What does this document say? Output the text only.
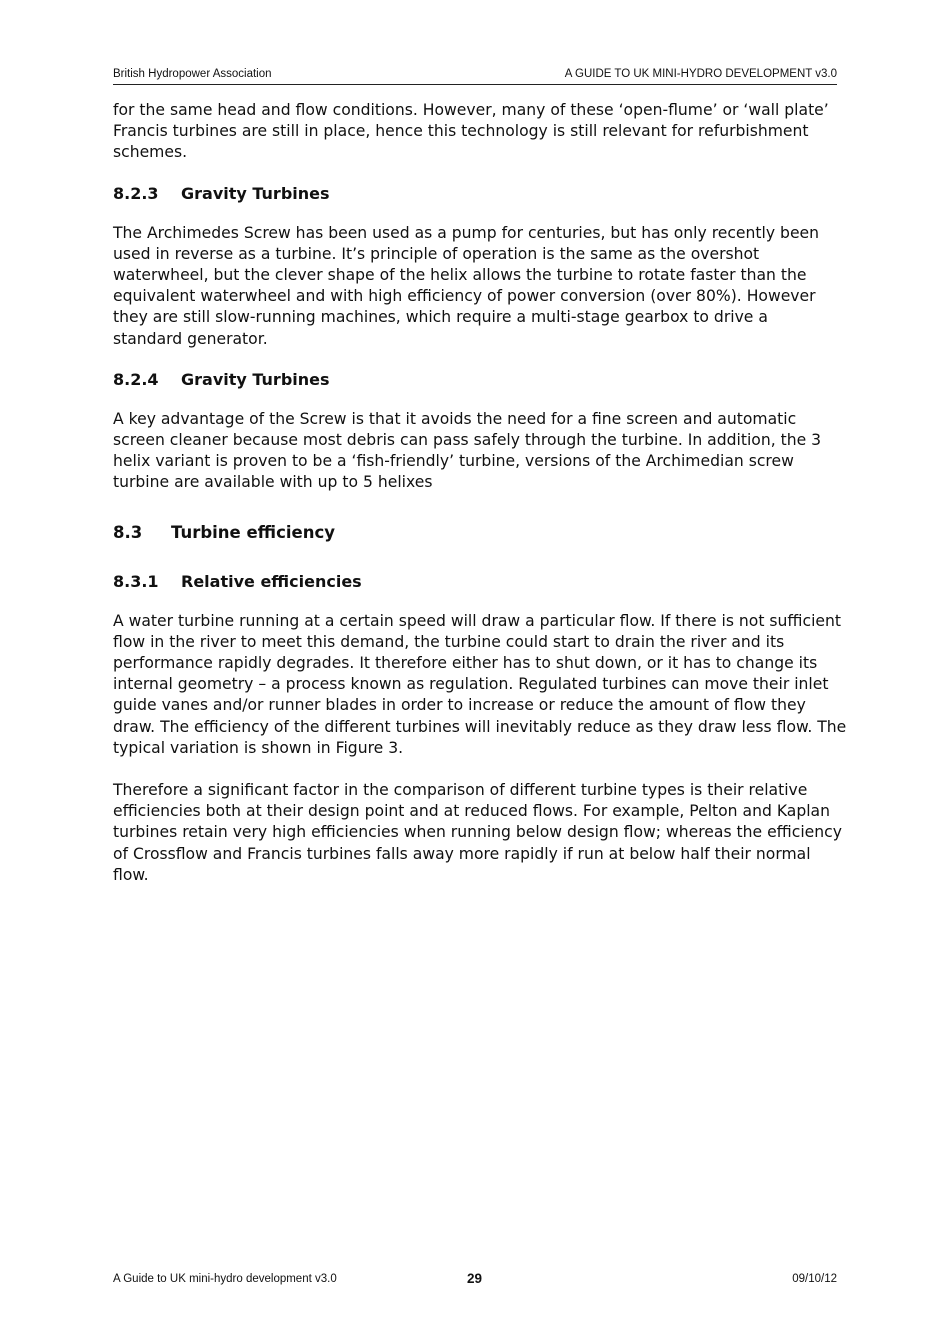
British Hydropower Association	A GUIDE TO UK MINI-HYDRO DEVELOPMENT v3.0

for the same head and flow conditions. However, many of these ‘open-flume’ or ‘wall plate’ Francis turbines are still in place, hence this technology is still relevant for refurbishment schemes.

8.2.3 Gravity Turbines

The Archimedes Screw has been used as a pump for centuries, but has only recently been used in reverse as a turbine. It’s principle of operation is the same as the overshot waterwheel, but the clever shape of the helix allows the turbine to rotate faster than the equivalent waterwheel and with high efficiency of power conversion (over 80%). However they are still slow-running machines, which require a multi-stage gearbox to drive a standard generator.

8.2.4 Gravity Turbines

A key advantage of the Screw is that it avoids the need for a fine screen and automatic screen cleaner because most debris can pass safely through the turbine. In addition, the 3 helix variant is proven to be a ‘fish-friendly’ turbine, versions of the Archimedian screw turbine are available with up to 5 helixes

8.3 Turbine efficiency
8.3.1 Relative efficiencies

A water turbine running at a certain speed will draw a particular flow. If there is not sufficient flow in the river to meet this demand, the turbine could start to drain the river and its performance rapidly degrades. It therefore either has to shut down, or it has to change its internal geometry – a process known as regulation. Regulated turbines can move their inlet guide vanes and/or runner blades in order to increase or reduce the amount of flow they draw. The efficiency of the different turbines will inevitably reduce as they draw less flow. The typical variation is shown in Figure 3.

Therefore a significant factor in the comparison of different turbine types is their relative efficiencies both at their design point and at reduced flows. For example, Pelton and Kaplan turbines retain very high efficiencies when running below design flow; whereas the efficiency of Crossflow and Francis turbines falls away more rapidly if run at below half their normal flow.

A Guide to UK mini-hydro development v3.0	29	09/10/12
